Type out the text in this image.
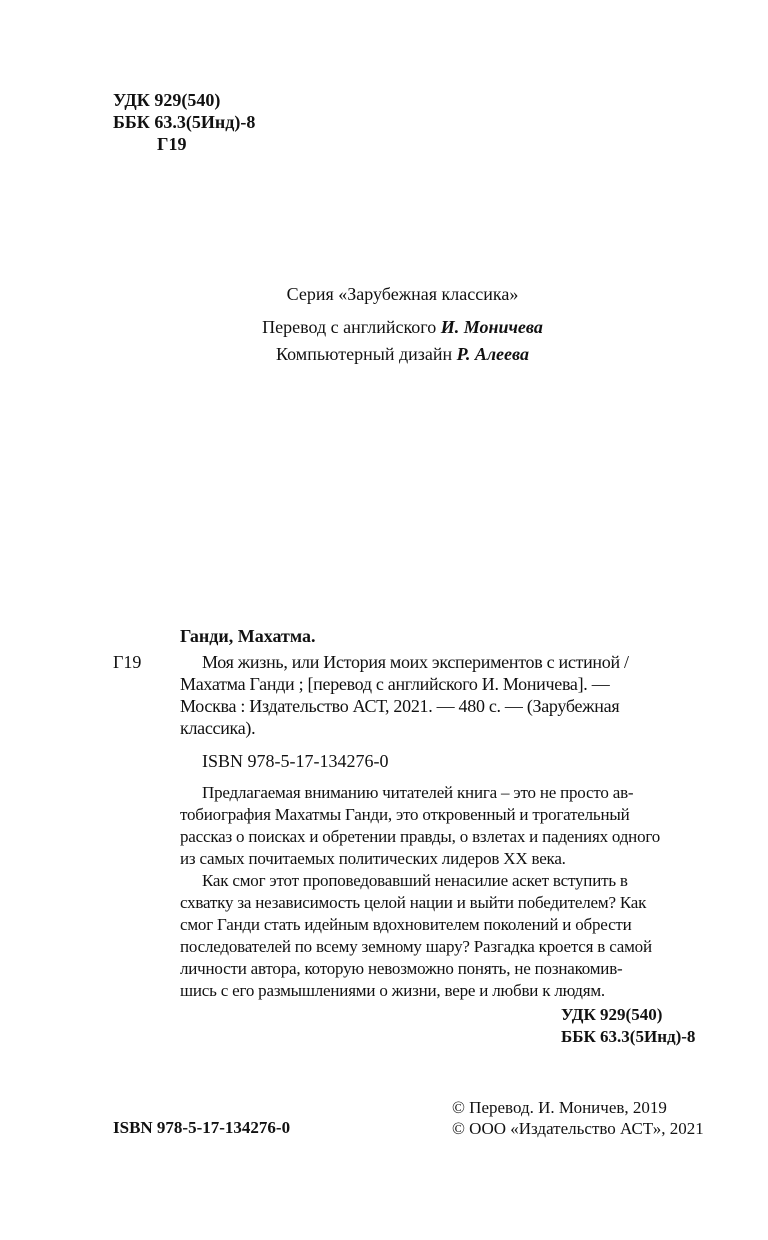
УДК 929(540)
ББК 63.3(5Инд)-8
Г19
Серия «Зарубежная классика»
Перевод с английского И. Моничева
Компьютерный дизайн Р. Алеева
Ганди, Махатма.
Г19	Моя жизнь, или История моих экспериментов с истиной /
Махатма Ганди ; [перевод с английского И. Моничева]. —
Москва : Издательство АСТ, 2021. — 480 с. — (Зарубежная
классика).
ISBN 978-5-17-134276-0
Предлагаемая вниманию читателей книга – это не просто ав-
тобиография Махатмы Ганди, это откровенный и трогательный
рассказ о поисках и обретении правды, о взлетах и падениях одного
из самых почитаемых политических лидеров XX века.
Как смог этот проповедовавший ненасилие аскет вступить в
схватку за независимость целой нации и выйти победителем? Как
смог Ганди стать идейным вдохновителем поколений и обрести
последователей по всему земному шару? Разгадка кроется в самой
личности автора, которую невозможно понять, не познакомив-
шись с его размышлениями о жизни, вере и любви к людям.
УДК 929(540)
ББК 63.3(5Инд)-8
© Перевод. И. Моничев, 2019
© ООО «Издательство АСТ», 2021
ISBN 978-5-17-134276-0
